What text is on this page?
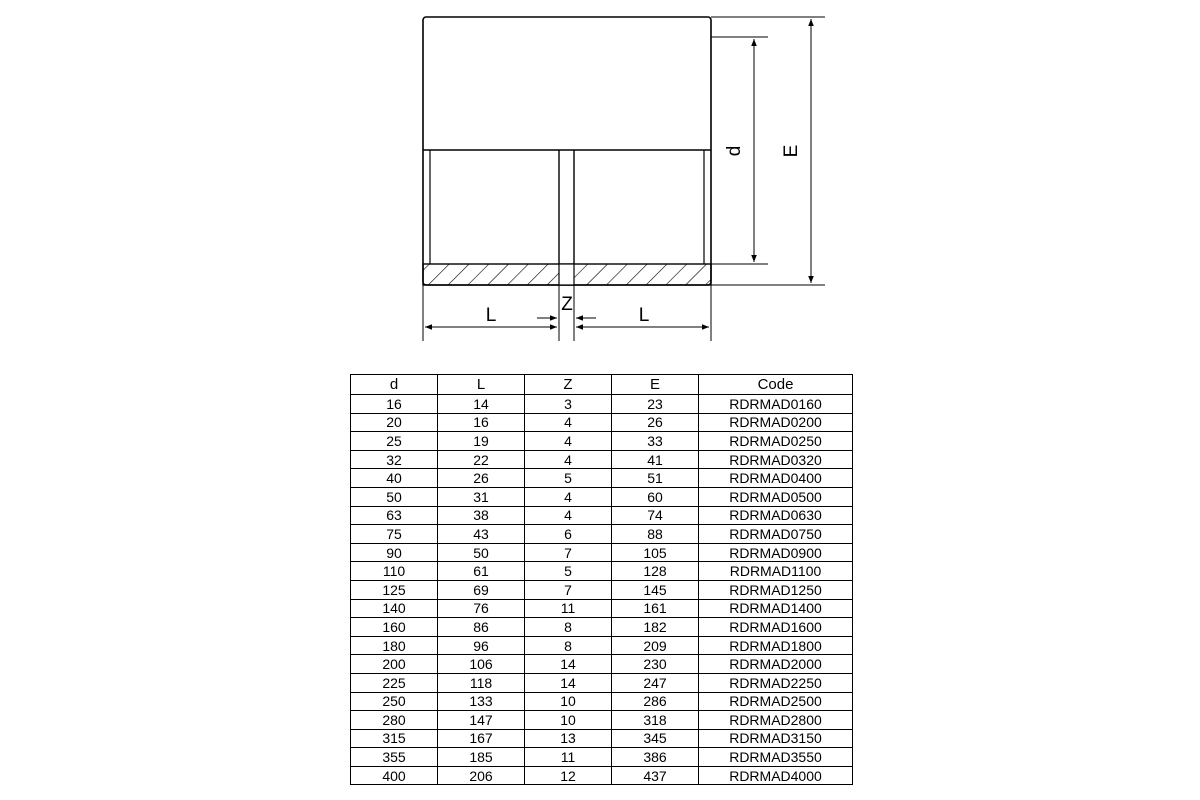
d E
L	L
Z
d	L	Z	E	Code
16	14	3	23	RDRMAD0160
20	16	4	26	RDRMAD0200
25	19	4	33	RDRMAD0250
32	22	4	41	RDRMAD0320
40	26	5	51	RDRMAD0400
50	31	4	60	RDRMAD0500
63	38	4	74	RDRMAD0630
75	43	6	88	RDRMAD0750
90	50	7	105	RDRMAD0900
110	61	5	128	RDRMAD1100
125	69	7	145	RDRMAD1250
140	76	11	161	RDRMAD1400
160	86	8	182	RDRMAD1600
180	96	8	209	RDRMAD1800
200	106	14	230	RDRMAD2000
225	118	14	247	RDRMAD2250
250	133	10	286	RDRMAD2500
280	147	10	318	RDRMAD2800
315	167	13	345	RDRMAD3150
355	185	11	386	RDRMAD3550
400	206	12	437	RDRMAD4000
